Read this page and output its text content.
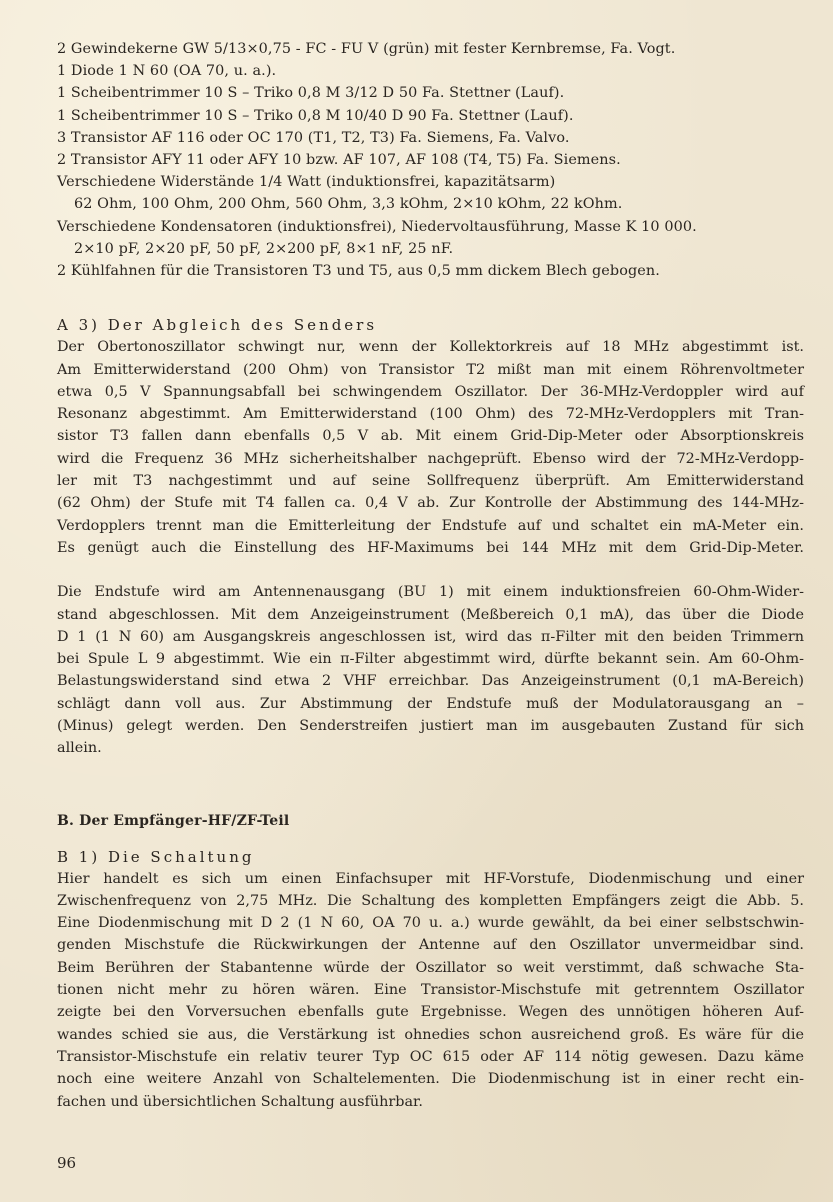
2 Gewindekerne GW 5/13×0,75 - FC - FU V (grün) mit fester Kernbremse, Fa. Vogt.
1 Diode 1 N 60 (OA 70, u. a.).
1 Scheibentrimmer 10 S – Triko 0,8 M 3/12 D 50 Fa. Stettner (Lauf).
1 Scheibentrimmer 10 S – Triko 0,8 M 10/40 D 90 Fa. Stettner (Lauf).
3 Transistor AF 116 oder OC 170 (T1, T2, T3) Fa. Siemens, Fa. Valvo.
2 Transistor AFY 11 oder AFY 10 bzw. AF 107, AF 108 (T4, T5) Fa. Siemens.
Verschiedene Widerstände 1/4 Watt (induktionsfrei, kapazitätsarm)
62 Ohm, 100 Ohm, 200 Ohm, 560 Ohm, 3,3 kOhm, 2×10 kOhm, 22 kOhm.
Verschiedene Kondensatoren (induktionsfrei), Niedervoltausführung, Masse K 10 000.
2×10 pF, 2×20 pF, 50 pF, 2×200 pF, 8×1 nF, 25 nF.
2 Kühlfahnen für die Transistoren T3 und T5, aus 0,5 mm dickem Blech gebogen.
A 3) Der Abgleich des Senders
Der Obertonoszillator schwingt nur, wenn der Kollektorkreis auf 18 MHz abgestimmt ist.
Am Emitterwiderstand (200 Ohm) von Transistor T2 mißt man mit einem Röhrenvoltmeter
etwa 0,5 V Spannungsabfall bei schwingendem Oszillator. Der 36-MHz-Verdoppler wird auf
Resonanz abgestimmt. Am Emitterwiderstand (100 Ohm) des 72-MHz-Verdopplers mit Tran-
sistor T3 fallen dann ebenfalls 0,5 V ab. Mit einem Grid-Dip-Meter oder Absorptionskreis
wird die Frequenz 36 MHz sicherheitshalber nachgeprüft. Ebenso wird der 72-MHz-Verdopp-
ler mit T3 nachgestimmt und auf seine Sollfrequenz überprüft. Am Emitterwiderstand
(62 Ohm) der Stufe mit T4 fallen ca. 0,4 V ab. Zur Kontrolle der Abstimmung des 144-MHz-
Verdopplers trennt man die Emitterleitung der Endstufe auf und schaltet ein mA-Meter ein.
Es genügt auch die Einstellung des HF-Maximums bei 144 MHz mit dem Grid-Dip-Meter.
Die Endstufe wird am Antennenausgang (BU 1) mit einem induktionsfreien 60-Ohm-Wider-
stand abgeschlossen. Mit dem Anzeigeinstrument (Meßbereich 0,1 mA), das über die Diode
D 1 (1 N 60) am Ausgangskreis angeschlossen ist, wird das π-Filter mit den beiden Trimmern
bei Spule L 9 abgestimmt. Wie ein π-Filter abgestimmt wird, dürfte bekannt sein. Am 60-Ohm-
Belastungswiderstand sind etwa 2 VHF erreichbar. Das Anzeigeinstrument (0,1 mA-Bereich)
schlägt dann voll aus. Zur Abstimmung der Endstufe muß der Modulatorausgang an –
(Minus) gelegt werden. Den Senderstreifen justiert man im ausgebauten Zustand für sich
allein.
B. Der Empfänger-HF/ZF-Teil
B 1) Die Schaltung
Hier handelt es sich um einen Einfachsuper mit HF-Vorstufe, Diodenmischung und einer
Zwischenfrequenz von 2,75 MHz. Die Schaltung des kompletten Empfängers zeigt die Abb. 5.
Eine Diodenmischung mit D 2 (1 N 60, OA 70 u. a.) wurde gewählt, da bei einer selbstschwin-
genden Mischstufe die Rückwirkungen der Antenne auf den Oszillator unvermeidbar sind.
Beim Berühren der Stabantenne würde der Oszillator so weit verstimmt, daß schwache Sta-
tionen nicht mehr zu hören wären. Eine Transistor-Mischstufe mit getrenntem Oszillator
zeigte bei den Vorversuchen ebenfalls gute Ergebnisse. Wegen des unnötigen höheren Auf-
wandes schied sie aus, die Verstärkung ist ohnedies schon ausreichend groß. Es wäre für die
Transistor-Mischstufe ein relativ teurer Typ OC 615 oder AF 114 nötig gewesen. Dazu käme
noch eine weitere Anzahl von Schaltelementen. Die Diodenmischung ist in einer recht ein-
fachen und übersichtlichen Schaltung ausführbar.
96
